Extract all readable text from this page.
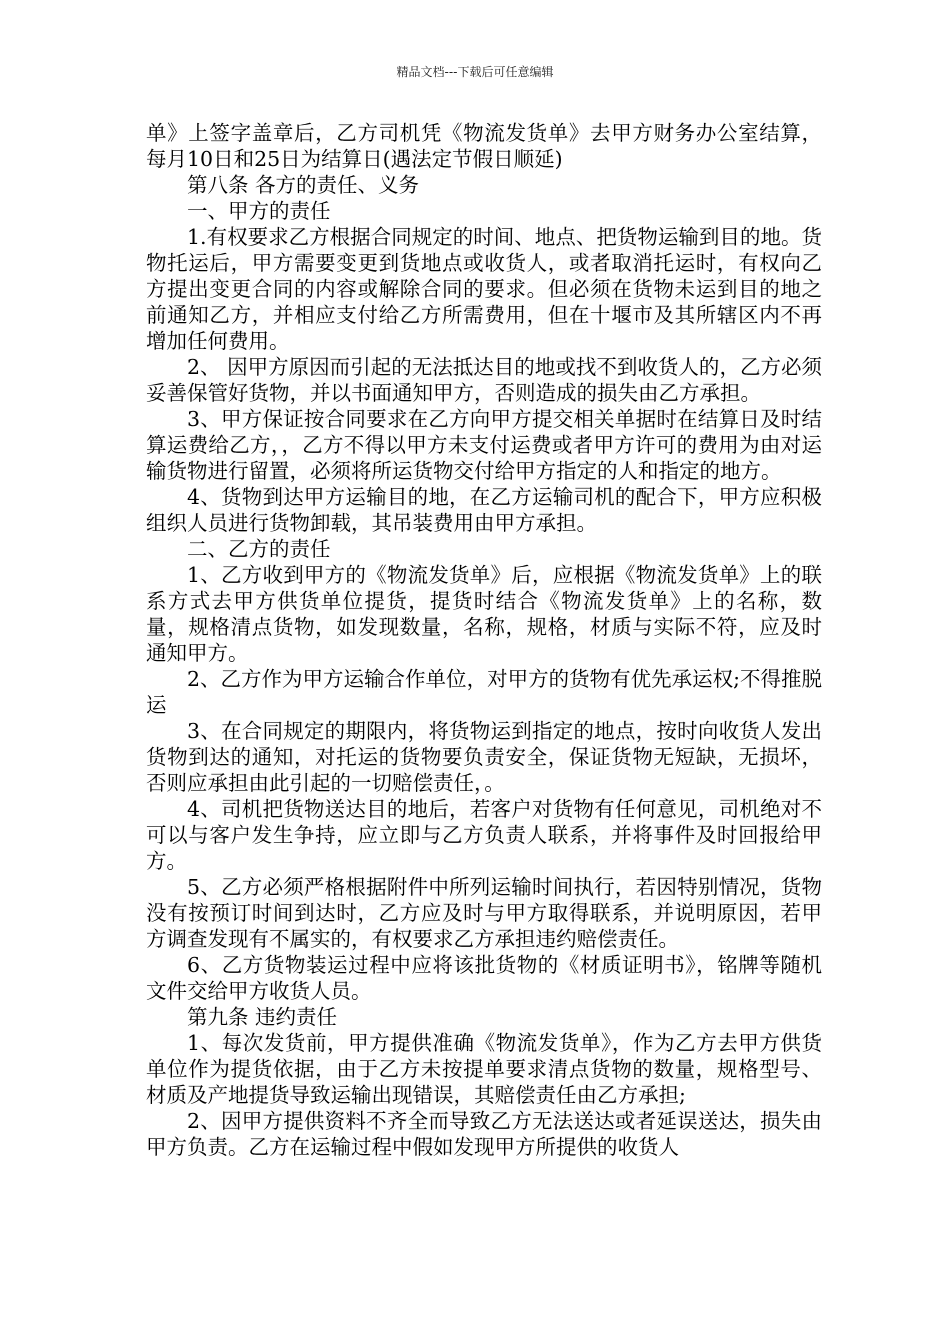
精品文档---下载后可任意编辑

单》上签字盖章后，乙方司机凭《物流发货单》去甲方财务办公室结算，每月10日和25日为结算日(遇法定节假日顺延)

第八条 各方的责任、义务

一、甲方的责任

1.有权要求乙方根据合同规定的时间、地点、把货物运输到目的地。货物托运后，甲方需要变更到货地点或收货人，或者取消托运时，有权向乙方提出变更合同的内容或解除合同的要求。但必须在货物未运到目的地之前通知乙方，并相应支付给乙方所需费用，但在十堰市及其所辖区内不再增加任何费用。

2、 因甲方原因而引起的无法抵达目的地或找不到收货人的，乙方必须妥善保管好货物，并以书面通知甲方，否则造成的损失由乙方承担。

3、甲方保证按合同要求在乙方向甲方提交相关单据时在结算日及时结算运费给乙方，，乙方不得以甲方未支付运费或者甲方许可的费用为由对运输货物进行留置，必须将所运货物交付给甲方指定的人和指定的地方。

4、货物到达甲方运输目的地，在乙方运输司机的配合下，甲方应积极组织人员进行货物卸载，其吊装费用由甲方承担。

二、乙方的责任

1、乙方收到甲方的《物流发货单》后，应根据《物流发货单》上的联系方式去甲方供货单位提货，提货时结合《物流发货单》上的名称，数量，规格清点货物，如发现数量，名称，规格，材质与实际不符，应及时通知甲方。

2、乙方作为甲方运输合作单位，对甲方的货物有优先承运权;不得推脱运

3、在合同规定的期限内，将货物运到指定的地点，按时向收货人发出货物到达的通知，对托运的货物要负责安全，保证货物无短缺，无损坏，否则应承担由此引起的一切赔偿责任，。

4、司机把货物送达目的地后，若客户对货物有任何意见，司机绝对不可以与客户发生争持，应立即与乙方负责人联系，并将事件及时回报给甲方。

5、乙方必须严格根据附件中所列运输时间执行，若因特别情况，货物没有按预订时间到达时，乙方应及时与甲方取得联系，并说明原因，若甲方调查发现有不属实的，有权要求乙方承担违约赔偿责任。

6、乙方货物装运过程中应将该批货物的《材质证明书》，铭牌等随机文件交给甲方收货人员。

第九条 违约责任

1、每次发货前，甲方提供准确《物流发货单》，作为乙方去甲方供货单位作为提货依据，由于乙方未按提单要求清点货物的数量，规格型号、材质及产地提货导致运输出现错误，其赔偿责任由乙方承担;

2、因甲方提供资料不齐全而导致乙方无法送达或者延误送达，损失由甲方负责。乙方在运输过程中假如发现甲方所提供的收货人
